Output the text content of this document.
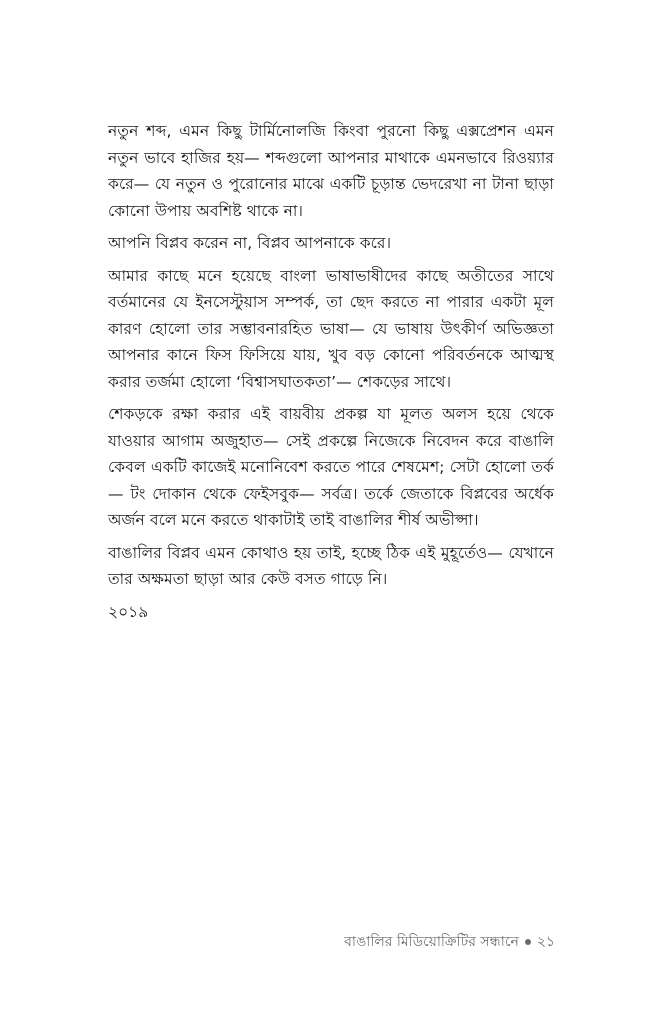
নতুন শব্দ, এমন কিছু টার্মিনোলজি কিংবা পুরনো কিছু এক্সপ্রেশন এমন নতুন ভাবে হাজির হয়— শব্দগুলো আপনার মাথাকে এমনভাবে রিওয়্যার করে— যে নতুন ও পুরোনোর মাঝে একটি চূড়ান্ত ভেদরেখা না টানা ছাড়া কোনো উপায় অবশিষ্ট থাকে না।

আপনি বিপ্লব করেন না, বিপ্লব আপনাকে করে।

আমার কাছে মনে হয়েছে বাংলা ভাষাভাষীদের কাছে অতীতের সাথে বর্তমানের যে ইনসেস্টুয়াস সম্পর্ক, তা ছেদ করতে না পারার একটা মূল কারণ হোলো তার সম্ভাবনারহিত ভাষা— যে ভাষায় উৎকীর্ণ অভিজ্ঞতা আপনার কানে ফিস ফিসিয়ে যায়, খুব বড় কোনো পরিবর্তনকে আত্মস্থ করার তর্জমা হোলো ‘বিশ্বাসঘাতকতা’— শেকড়ের সাথে।

শেকড়কে রক্ষা করার এই বায়বীয় প্রকল্প যা মূলত অলস হয়ে থেকে যাওয়ার আগাম অজুহাত— সেই প্রকল্পে নিজেকে নিবেদন করে বাঙালি কেবল একটি কাজেই মনোনিবেশ করতে পারে শেষমেশ; সেটা হোলো তর্ক— টং দোকান থেকে ফেইসবুক— সর্বত্র। তর্কে জেতাকে বিপ্লবের অর্ধেক অর্জন বলে মনে করতে থাকাটাই তাই বাঙালির শীর্ষ অভীপ্সা।

বাঙালির বিপ্লব এমন কোথাও হয় তাই, হচ্ছে ঠিক এই মুহূর্তেও— যেখানে তার অক্ষমতা ছাড়া আর কেউ বসত গাড়ে নি।

২০১৯

বাঙালির মিডিয়োক্রিটির সন্ধানে ২১
